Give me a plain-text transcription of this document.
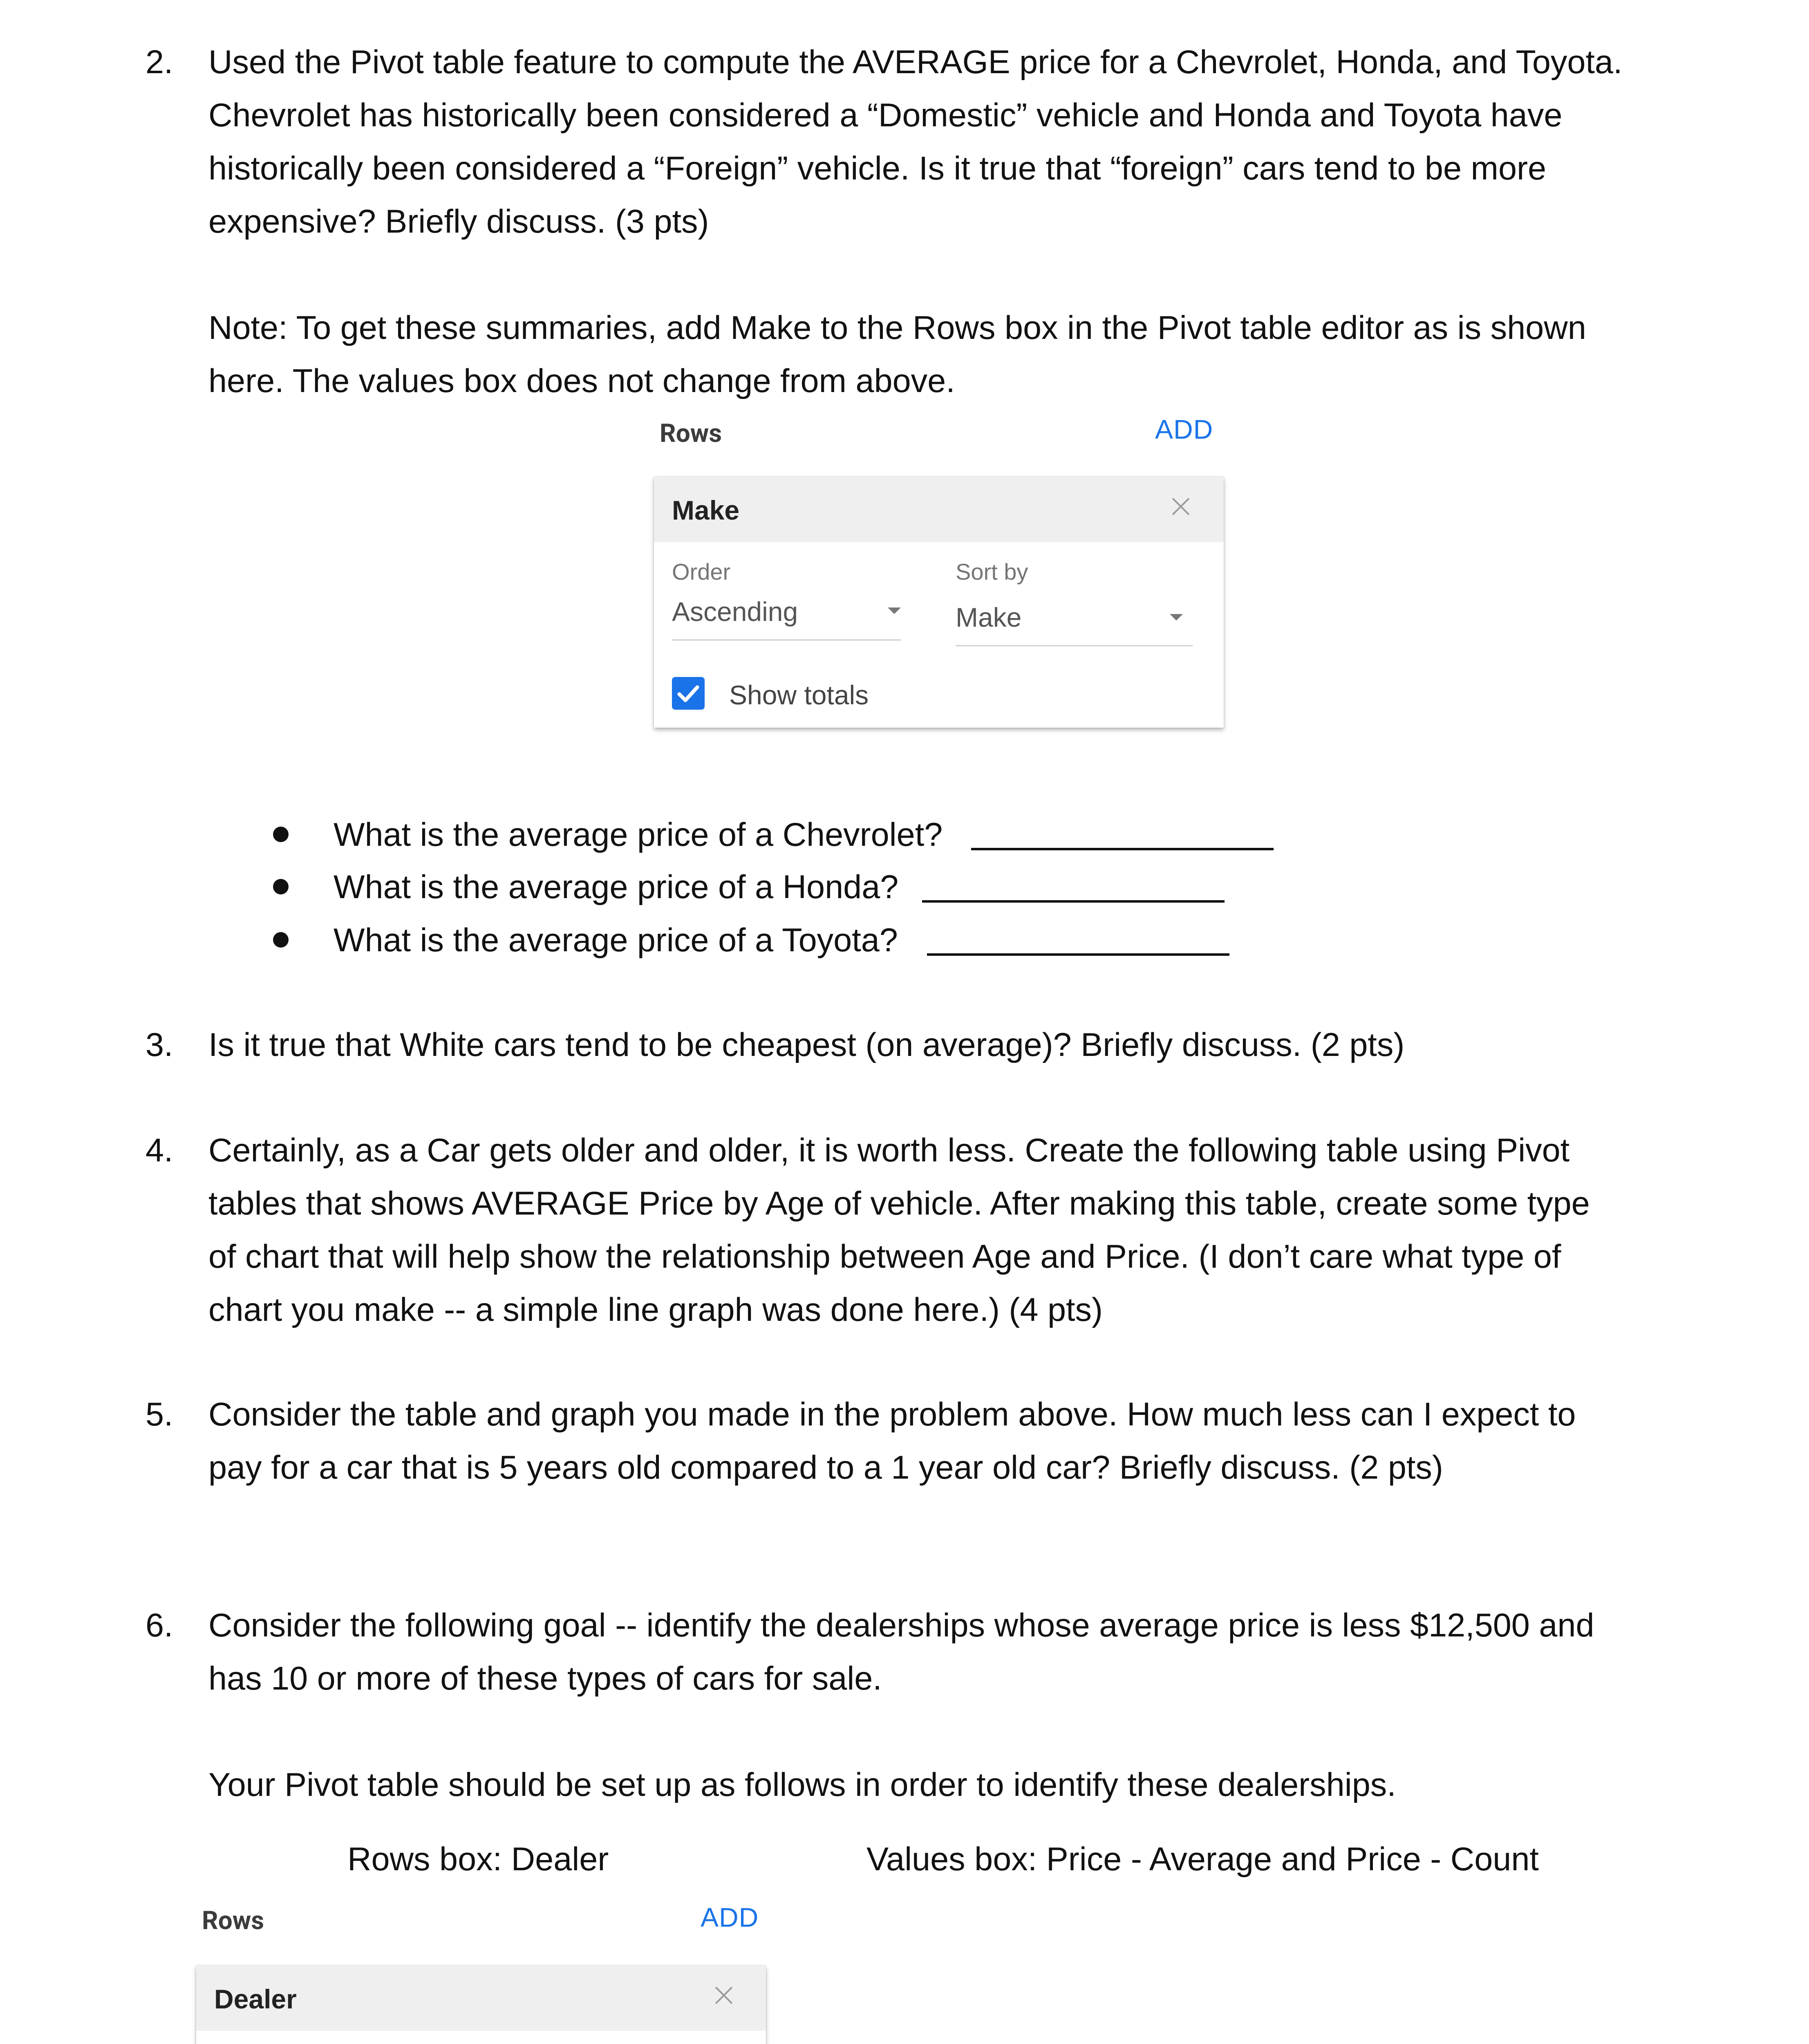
2. Used the Pivot table feature to compute the AVERAGE price for a Chevrolet, Honda, and Toyota.
Chevrolet has historically been considered a “Domestic” vehicle and Honda and Toyota have
historically been considered a “Foreign” vehicle. Is it true that “foreign” cars tend to be more
expensive? Briefly discuss. (3 pts)
Note: To get these summaries, add Make to the Rows box in the Pivot table editor as is shown
here. The values box does not change from above.
Rows	ADD
Make
Order
Ascending
Sort by
Make
Show totals
What is the average price of a Chevrolet?
What is the average price of a Honda?
What is the average price of a Toyota?
3. Is it true that White cars tend to be cheapest (on average)? Briefly discuss. (2 pts)
4. Certainly, as a Car gets older and older, it is worth less. Create the following table using Pivot
tables that shows AVERAGE Price by Age of vehicle. After making this table, create some type
of chart that will help show the relationship between Age and Price. (I don’t care what type of
chart you make -- a simple line graph was done here.) (4 pts)
5. Consider the table and graph you made in the problem above. How much less can I expect to
pay for a car that is 5 years old compared to a 1 year old car? Briefly discuss. (2 pts)
6. Consider the following goal -- identify the dealerships whose average price is less $12,500 and
has 10 or more of these types of cars for sale.
Your Pivot table should be set up as follows in order to identify these dealerships.
Rows box: Dealer	Values box: Price - Average and Price - Count
Rows	ADD
Dealer
